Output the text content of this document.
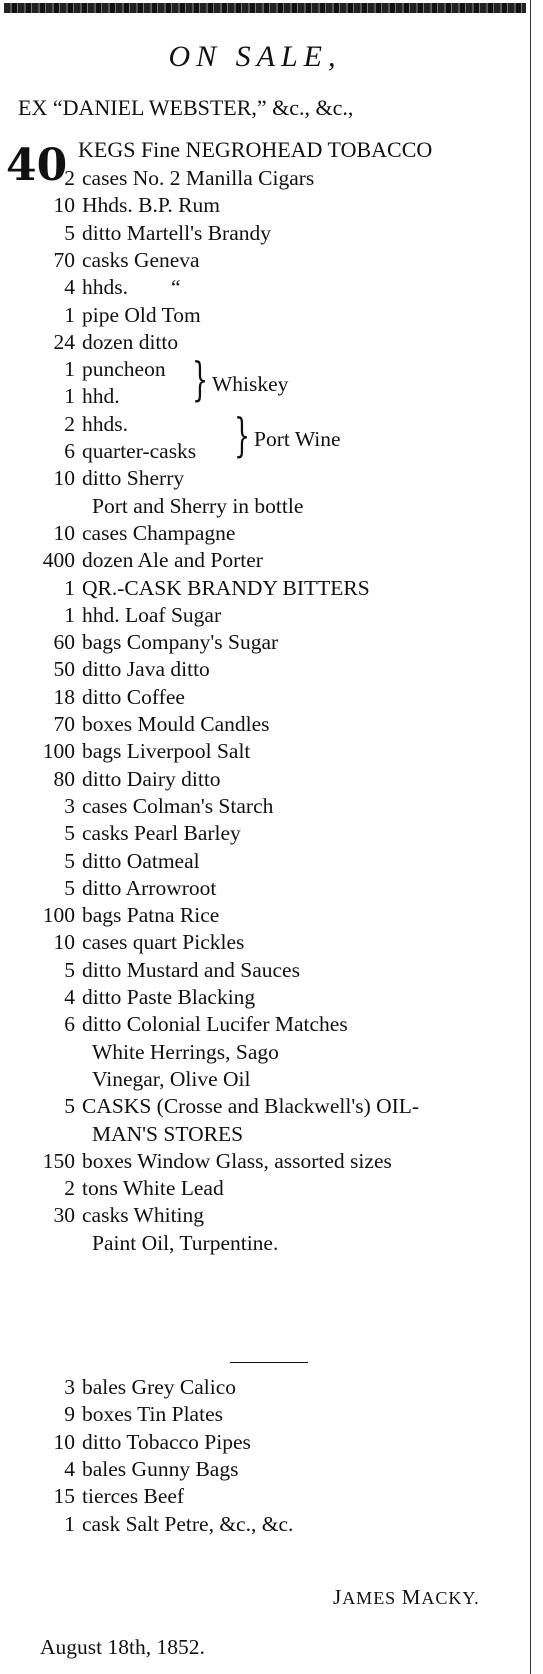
ON SALE,
EX “DANIEL WEBSTER,” &c., &c.,
40 KEGS Fine NEGROHEAD TOBACCO
2 cases No. 2 Manilla Cigars
10 Hhds. B.P. Rum
5 ditto Martell's Brandy
70 casks Geneva
4 hhds.  “
1 pipe Old Tom
24 dozen ditto
1 puncheon
1 hhd.
2 hhds.
6 quarter-casks
10 ditto Sherry
Port and Sherry in bottle
10 cases Champagne
400 dozen Ale and Porter
1 QR.-CASK BRANDY BITTERS
1 hhd. Loaf Sugar
60 bags Company's Sugar
50 ditto Java ditto
18 ditto Coffee
70 boxes Mould Candles
100 bags Liverpool Salt
80 ditto Dairy ditto
3 cases Colman's Starch
5 casks Pearl Barley
5 ditto Oatmeal
5 ditto Arrowroot
100 bags Patna Rice
10 cases quart Pickles
5 ditto Mustard and Sauces
4 ditto Paste Blacking
6 ditto Colonial Lucifer Matches
White Herrings, Sago
Vinegar, Olive Oil
5 CASKS (Crosse and Blackwell's) OIL-
MAN'S STORES
150 boxes Window Glass, assorted sizes
2 tons White Lead
30 casks Whiting
Paint Oil, Turpentine.
3 bales Grey Calico
9 boxes Tin Plates
10 ditto Tobacco Pipes
4 bales Gunny Bags
15 tierces Beef
1 cask Salt Petre, &c., &c.
} Whiskey
} Port Wine
JAMES MACKY.
August 18th, 1852.
